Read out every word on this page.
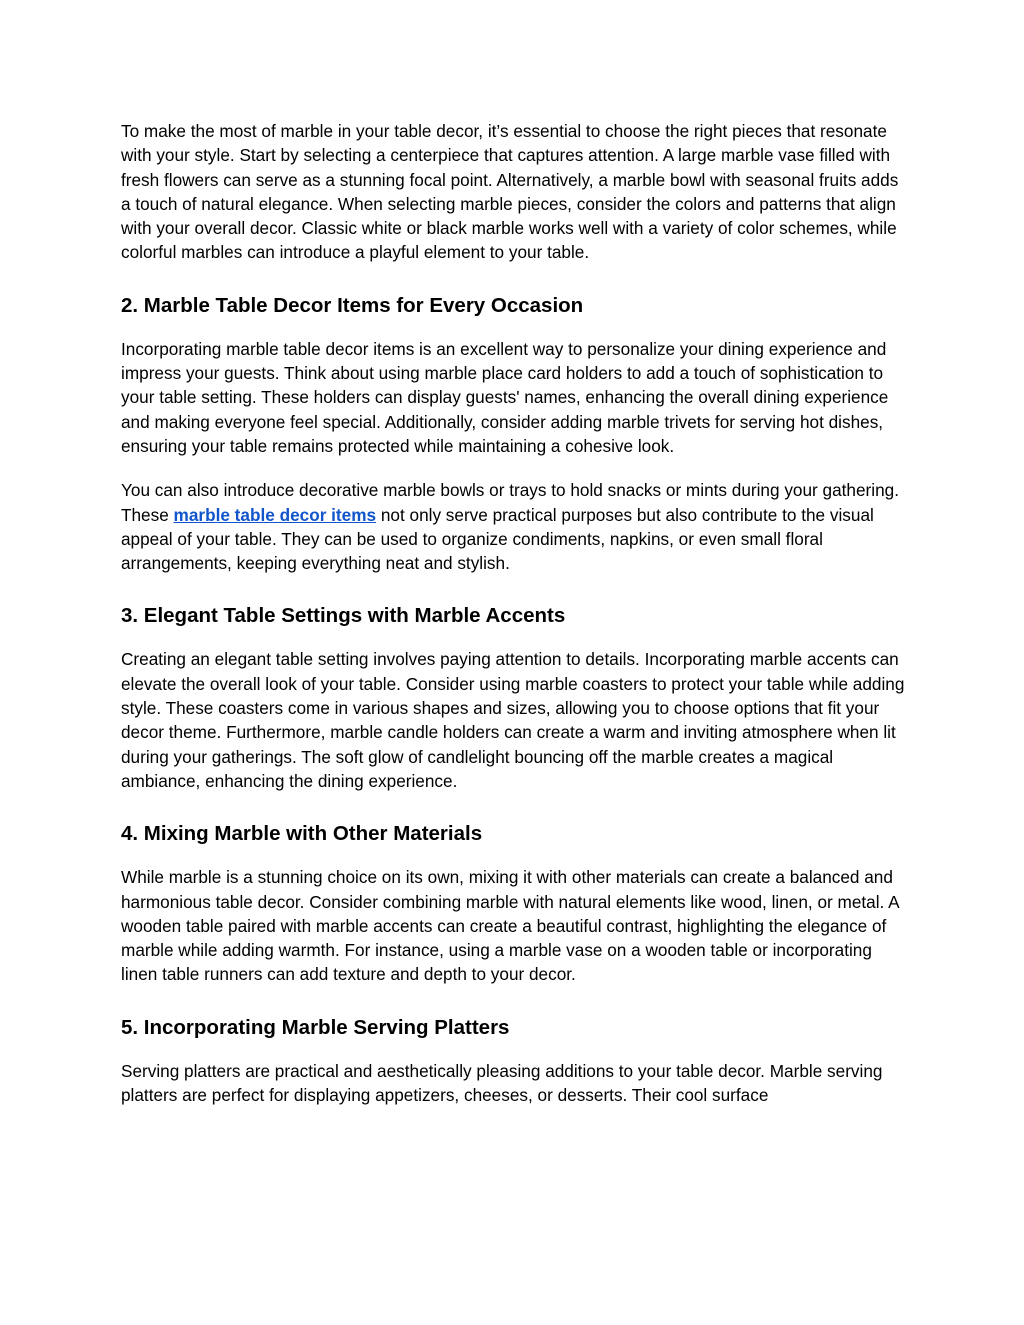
To make the most of marble in your table decor, it’s essential to choose the right pieces that resonate with your style. Start by selecting a centerpiece that captures attention. A large marble vase filled with fresh flowers can serve as a stunning focal point. Alternatively, a marble bowl with seasonal fruits adds a touch of natural elegance. When selecting marble pieces, consider the colors and patterns that align with your overall decor. Classic white or black marble works well with a variety of color schemes, while colorful marbles can introduce a playful element to your table.

2. Marble Table Decor Items for Every Occasion

Incorporating marble table decor items is an excellent way to personalize your dining experience and impress your guests. Think about using marble place card holders to add a touch of sophistication to your table setting. These holders can display guests' names, enhancing the overall dining experience and making everyone feel special. Additionally, consider adding marble trivets for serving hot dishes, ensuring your table remains protected while maintaining a cohesive look.

You can also introduce decorative marble bowls or trays to hold snacks or mints during your gathering. These marble table decor items not only serve practical purposes but also contribute to the visual appeal of your table. They can be used to organize condiments, napkins, or even small floral arrangements, keeping everything neat and stylish.

3. Elegant Table Settings with Marble Accents

Creating an elegant table setting involves paying attention to details. Incorporating marble accents can elevate the overall look of your table. Consider using marble coasters to protect your table while adding style. These coasters come in various shapes and sizes, allowing you to choose options that fit your decor theme. Furthermore, marble candle holders can create a warm and inviting atmosphere when lit during your gatherings. The soft glow of candlelight bouncing off the marble creates a magical ambiance, enhancing the dining experience.

4. Mixing Marble with Other Materials

While marble is a stunning choice on its own, mixing it with other materials can create a balanced and harmonious table decor. Consider combining marble with natural elements like wood, linen, or metal. A wooden table paired with marble accents can create a beautiful contrast, highlighting the elegance of marble while adding warmth. For instance, using a marble vase on a wooden table or incorporating linen table runners can add texture and depth to your decor.

5. Incorporating Marble Serving Platters

Serving platters are practical and aesthetically pleasing additions to your table decor. Marble serving platters are perfect for displaying appetizers, cheeses, or desserts. Their cool surface
